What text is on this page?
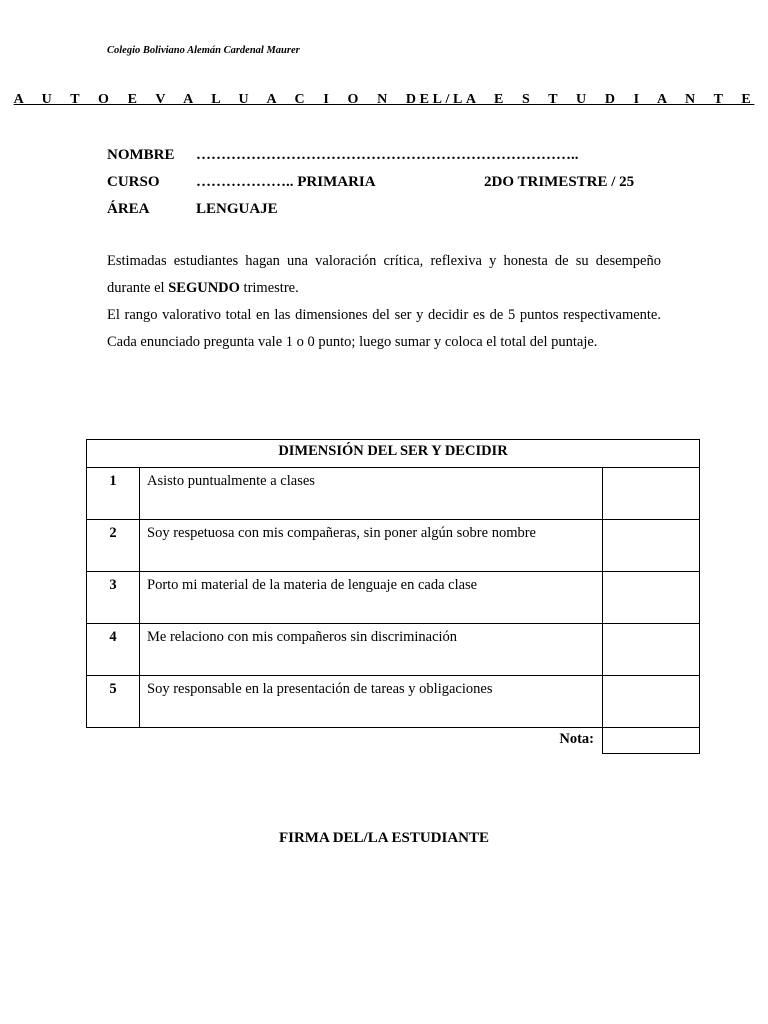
Colegio Boliviano Alemán Cardenal Maurer
A U T O E V A L U A C I O N DEL/LA E S T U D I A N T E
NOMBRE …………………………………………………………………..
CURSO ……………….. PRIMARIA	2DO TRIMESTRE / 25
ÁREA	LENGUAJE

Estimadas estudiantes hagan una valoración crítica, reflexiva y honesta de su desempeño durante el SEGUNDO trimestre.

El rango valorativo total en las dimensiones del ser y decidir es de 5 puntos respectivamente. Cada enunciado pregunta vale 1 o 0 punto; luego sumar y coloca el total del puntaje.

DIMENSIÓN DEL SER Y DECIDIR		
1	Asisto puntualmente a clases	
2	Soy respetuosa con mis compañeras, sin poner algún sobre nombre	
3	Porto mi material de la materia de lenguaje en cada clase	
4	Me relaciono con mis compañeros sin discriminación	
5	Soy responsable en la presentación de tareas y obligaciones	
Nota:		
FIRMA DEL/LA ESTUDIANTE
